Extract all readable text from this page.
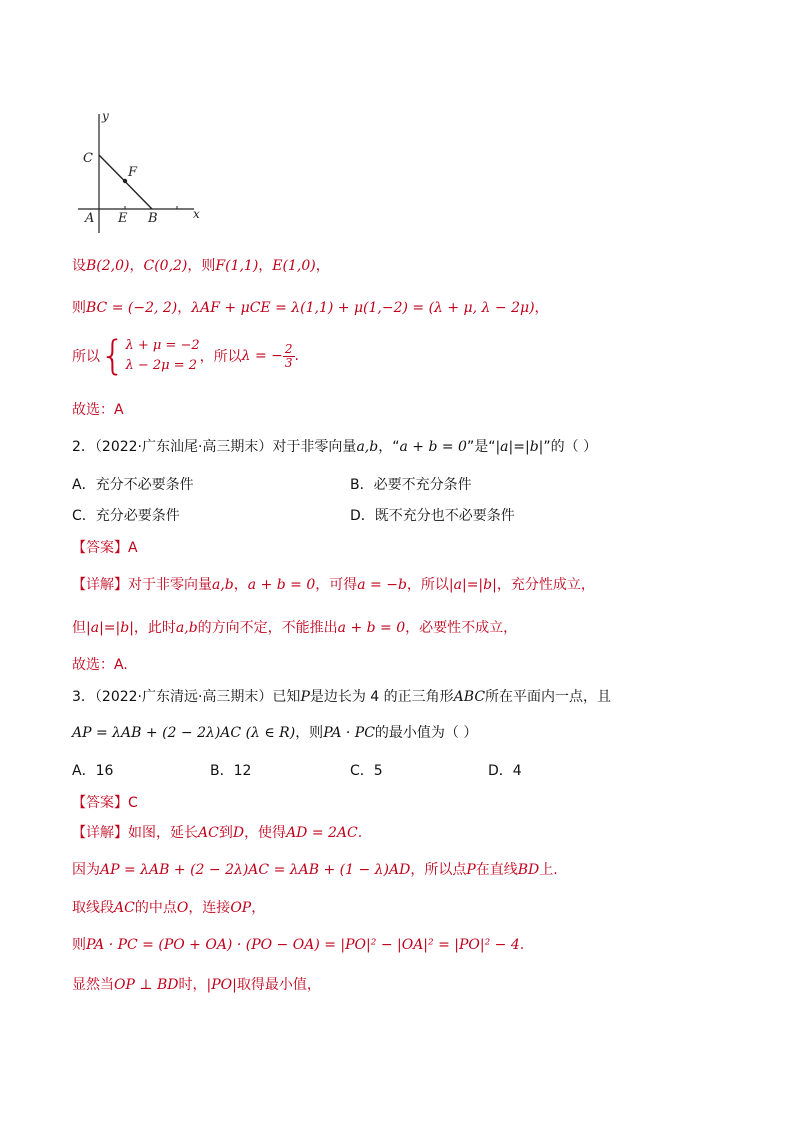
y
x
C
F
A E B
设B(2,0)，C(0,2)，则F(1,1)，E(1,0)，
则BC = (−2, 2)，λAF + μCE = λ(1,1) + μ(1,−2) = (λ + μ, λ − 2μ)，
所以{ λ + μ = −2
λ − 2μ = 2
，所以λ = − $\frac{2}{3}$ .
故选：A
2．（2022·广东汕尾·高三期末）对于非零向量a,b，“a + b = 0”是“|a|=|b|”的（ ）
A．充分不必要条件	B．必要不充分条件
C．充分必要条件	D．既不充分也不必要条件
【答案】A
【详解】对于非零向量a,b，a + b = 0，可得a = −b，所以|a|=|b|，充分性成立，
但|a|=|b|，此时a,b的方向不定，不能推出a + b = 0，必要性不成立，
故选：A.
3．（2022·广东清远·高三期末）已知P是边长为 4 的正三角形ABC所在平面内一点，且
AP = λAB + (2 − 2λ)AC (λ ∈ R)，则PA · PC的最小值为（ ）
A．16	B．12	C．5	D．4
【答案】C
【详解】如图，延长AC到D，使得AD = 2AC.
因为AP = λAB + (2 − 2λ)AC = λAB + (1 − λ)AD，所以点P在直线BD上.
取线段AC的中点O，连接OP，
则PA · PC = (PO + OA) · (PO − OA) = |PO|² − |OA|² = |PO|² − 4.
显然当OP ⊥ BD时，|PO|取得最小值，
